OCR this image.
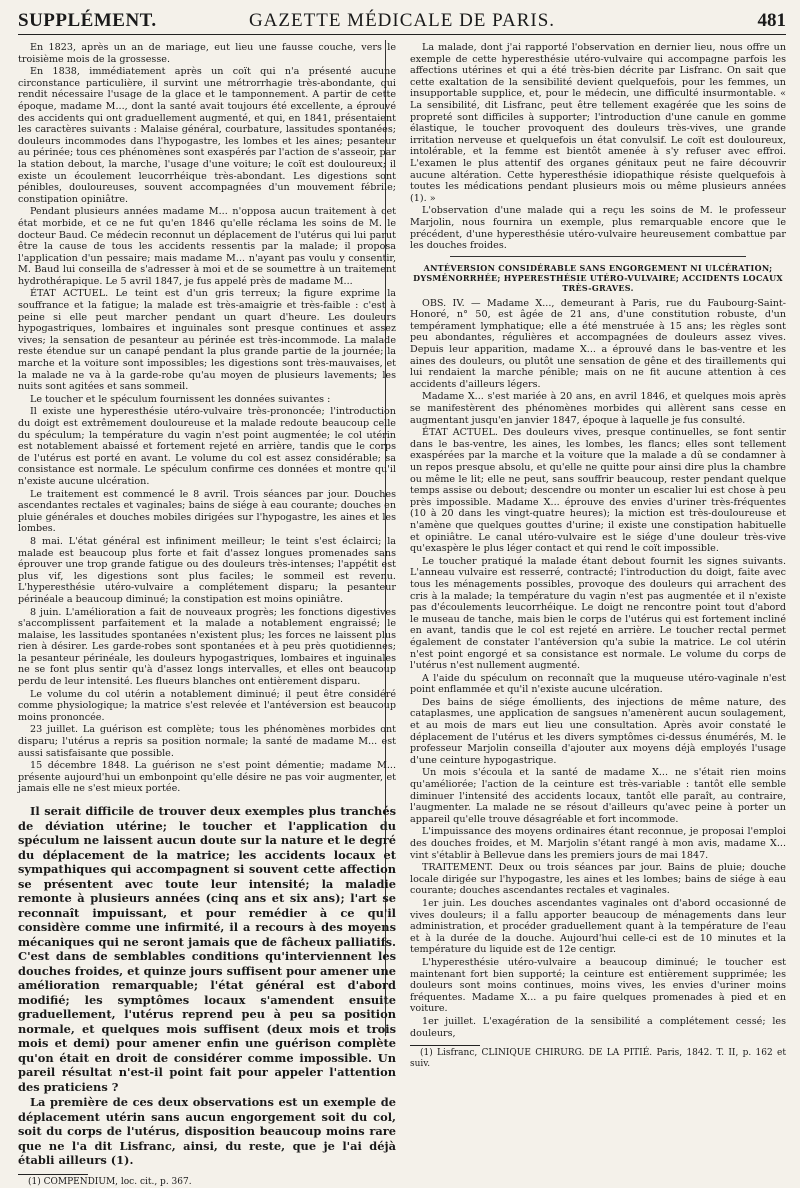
SUPPLÉMENT.	GAZETTE MÉDICALE DE PARIS.	481

En 1823, après un an de mariage, eut lieu une fausse couche, vers le troisième mois de la grossesse.

En 1838, immédiatement après un coït qui n'a présenté aucune circonstance particulière, il survint une métrorrhagie très-abondante, qui rendit nécessaire l'usage de la glace et le tamponnement. A partir de cette époque, madame M..., dont la santé avait toujours été excellente, a éprouvé des accidents qui ont graduellement augmenté, et qui, en 1841, présentaient les caractères suivants : Malaise général, courbature, lassitudes spontanées; douleurs incommodes dans l'hypogastre, les lombes et les aines; pesanteur au périnée; tous ces phénomènes sont exaspérés par l'action de s'asseoir, par la station debout, la marche, l'usage d'une voiture; le coït est douloureux; il existe un écoulement leucorrhéique très-abondant. Les digestions sont pénibles, douloureuses, souvent accompagnées d'un mouvement fébrile; constipation opiniâtre.

Pendant plusieurs années madame M... n'opposa aucun traitement à cet état morbide, et ce ne fut qu'en 1846 qu'elle réclama les soins de M. le docteur Baud. Ce médecin reconnut un déplacement de l'utérus qui lui parut être la cause de tous les accidents ressentis par la malade; il proposa l'application d'un pessaire; mais madame M... n'ayant pas voulu y consentir, M. Baud lui conseilla de s'adresser à moi et de se soumettre à un traitement hydrothérapique. Le 5 avril 1847, je fus appelé près de madame M...

ÉTAT ACTUEL. Le teint est d'un gris terreux; la figure exprime la souffrance et la fatigue; la malade est très-amaigrie et très-faible : c'est à peine si elle peut marcher pendant un quart d'heure. Les douleurs hypogastriques, lombaires et inguinales sont presque continues et assez vives; la sensation de pesanteur au périnée est très-incommode. La malade reste étendue sur un canapé pendant la plus grande partie de la journée; la marche et la voiture sont impossibles; les digestions sont très-mauvaises, et la malade ne va à la garde-robe qu'au moyen de plusieurs lavements; les nuits sont agitées et sans sommeil.

Le toucher et le spéculum fournissent les données suivantes :

Il existe une hyperesthésie utéro-vulvaire très-prononcée; l'introduction du doigt est extrêmement douloureuse et la malade redoute beaucoup celle du spéculum; la température du vagin n'est point augmentée; le col utérin est notablement abaissé et fortement rejeté en arrière, tandis que le corps de l'utérus est porté en avant. Le volume du col est assez considérable; sa consistance est normale. Le spéculum confirme ces données et montre qu'il n'existe aucune ulcération.

Le traitement est commencé le 8 avril. Trois séances par jour. Douches ascendantes rectales et vaginales; bains de siége à eau courante; douches en pluie générales et douches mobiles dirigées sur l'hypogastre, les aines et les lombes.

8 mai. L'état général est infiniment meilleur; le teint s'est éclairci; la malade est beaucoup plus forte et fait d'assez longues promenades sans éprouver une trop grande fatigue ou des douleurs très-intenses; l'appétit est plus vif, les digestions sont plus faciles; le sommeil est revenu. L'hyperesthésie utéro-vulvaire a complétement disparu; la pesanteur périnéale a beaucoup diminué; la constipation est moins opiniâtre.

8 juin. L'amélioration a fait de nouveaux progrès; les fonctions digestives s'accomplissent parfaitement et la malade a notablement engraissé; le malaise, les lassitudes spontanées n'existent plus; les forces ne laissent plus rien à désirer. Les garde-robes sont spontanées et à peu près quotidiennes; la pesanteur périnéale, les douleurs hypogastriques, lombaires et inguinales ne se font plus sentir qu'à d'assez longs intervalles, et elles ont beaucoup perdu de leur intensité. Les flueurs blanches ont entièrement disparu.

Le volume du col utérin a notablement diminué; il peut être considéré comme physiologique; la matrice s'est relevée et l'antéversion est beaucoup moins prononcée.

23 juillet. La guérison est complète; tous les phénomènes morbides ont disparu; l'utérus a repris sa position normale; la santé de madame M... est aussi satisfaisante que possible.

15 décembre 1848. La guérison ne s'est point démentie; madame M... présente aujourd'hui un embonpoint qu'elle désire ne pas voir augmenter, et jamais elle ne s'est mieux portée.

Il serait difficile de trouver deux exemples plus tranchés de déviation utérine; le toucher et l'application du spéculum ne laissent aucun doute sur la nature et le degré du déplacement de la matrice; les accidents locaux et sympathiques qui accompagnent si souvent cette affection se présentent avec toute leur intensité; la maladie remonte à plusieurs années (cinq ans et six ans); l'art se reconnaît impuissant, et pour remédier à ce qu'il considère comme une infirmité, il a recours à des moyens mécaniques qui ne seront jamais que de fâcheux palliatifs. C'est dans de semblables conditions qu'interviennent les douches froides, et quinze jours suffisent pour amener une amélioration remarquable; l'état général est d'abord modifié; les symptômes locaux s'amendent ensuite graduellement, l'utérus reprend peu à peu sa position normale, et quelques mois suffisent (deux mois et trois mois et demi) pour amener enfin une guérison complète qu'on était en droit de considérer comme impossible. Un pareil résultat n'est-il point fait pour appeler l'attention des praticiens ?

La première de ces deux observations est un exemple de déplacement utérin sans aucun engorgement soit du col, soit du corps de l'utérus, disposition beaucoup moins rare que ne l'a dit Lisfranc, ainsi, du reste, que je l'ai déjà établi ailleurs (1).

(1) COMPENDIUM, loc. cit., p. 367.

La malade, dont j'ai rapporté l'observation en dernier lieu, nous offre un exemple de cette hyperesthésie utéro-vulvaire qui accompagne parfois les affections utérines et qui a été très-bien décrite par Lisfranc. On sait que cette exaltation de la sensibilité devient quelquefois, pour les femmes, un insupportable supplice, et, pour le médecin, une difficulté insurmontable. « La sensibilité, dit Lisfranc, peut être tellement exagérée que les soins de propreté sont difficiles à supporter; l'introduction d'une canule en gomme élastique, le toucher provoquent des douleurs très-vives, une grande irritation nerveuse et quelquefois un état convulsif. Le coït est douloureux, intolérable, et la femme est bientôt amenée à s'y refuser avec effroi. L'examen le plus attentif des organes génitaux peut ne faire découvrir aucune altération. Cette hyperesthésie idiopathique résiste quelquefois à toutes les médications pendant plusieurs mois ou même plusieurs années (1). »

L'observation d'une malade qui a reçu les soins de M. le professeur Marjolin, nous fournira un exemple, plus remarquable encore que le précédent, d'une hyperesthésie utéro-vulvaire heureusement combattue par les douches froides.

ANTÉVERSION CONSIDÉRABLE SANS ENGORGEMENT NI ULCÉRATION; DYSMÉNORRHÉE; HYPERESTHÉSIE UTÉRO-VULVAIRE; ACCIDENTS LOCAUX TRÈS-GRAVES.

OBS. IV. — Madame X..., demeurant à Paris, rue du Faubourg-Saint-Honoré, n° 50, est âgée de 21 ans, d'une constitution robuste, d'un tempérament lymphatique; elle a été menstruée à 15 ans; les règles sont peu abondantes, régulières et accompagnées de douleurs assez vives. Depuis leur apparition, madame X... a éprouvé dans le bas-ventre et les aines des douleurs, ou plutôt une sensation de gêne et des tiraillements qui lui rendaient la marche pénible; mais on ne fit aucune attention à ces accidents d'ailleurs légers.

Madame X... s'est mariée à 20 ans, en avril 1846, et quelques mois après se manifestèrent des phénomènes morbides qui allèrent sans cesse en augmentant jusqu'en janvier 1847, époque à laquelle je fus consulté.

ÉTAT ACTUEL. Des douleurs vives, presque continuelles, se font sentir dans le bas-ventre, les aines, les lombes, les flancs; elles sont tellement exaspérées par la marche et la voiture que la malade a dû se condamner à un repos presque absolu, et qu'elle ne quitte pour ainsi dire plus la chambre ou même le lit; elle ne peut, sans souffrir beaucoup, rester pendant quelque temps assise ou debout; descendre ou monter un escalier lui est chose à peu près impossible. Madame X... éprouve des envies d'uriner très-fréquentes (10 à 20 dans les vingt-quatre heures); la miction est très-douloureuse et n'amène que quelques gouttes d'urine; il existe une constipation habituelle et opiniâtre. Le canal utéro-vulvaire est le siége d'une douleur très-vive qu'exaspère le plus léger contact et qui rend le coït impossible.

Le toucher pratiqué la malade étant debout fournit les signes suivants. L'anneau vulvaire est resserré, contracté; l'introduction du doigt, faite avec tous les ménagements possibles, provoque des douleurs qui arrachent des cris à la malade; la température du vagin n'est pas augmentée et il n'existe pas d'écoulements leucorrhéique. Le doigt ne rencontre point tout d'abord le museau de tanche, mais bien le corps de l'utérus qui est fortement incliné en avant, tandis que le col est rejeté en arrière. Le toucher rectal permet également de constater l'antéversion qu'a subie la matrice. Le col utérin n'est point engorgé et sa consistance est normale. Le volume du corps de l'utérus n'est nullement augmenté.

A l'aide du spéculum on reconnaît que la muqueuse utéro-vaginale n'est point enflammée et qu'il n'existe aucune ulcération.

Des bains de siége émollients, des injections de même nature, des cataplasmes, une application de sangsues n'amenèrent aucun soulagement, et au mois de mars eut lieu une consultation. Après avoir constaté le déplacement de l'utérus et les divers symptômes ci-dessus énumérés, M. le professeur Marjolin conseilla d'ajouter aux moyens déjà employés l'usage d'une ceinture hypogastrique.

Un mois s'écoula et la santé de madame X... ne s'était rien moins qu'améliorée; l'action de la ceinture est très-variable : tantôt elle semble diminuer l'intensité des accidents locaux, tantôt elle paraît, au contraire, l'augmenter. La malade ne se résout d'ailleurs qu'avec peine à porter un appareil qu'elle trouve désagréable et fort incommode.

L'impuissance des moyens ordinaires étant reconnue, je proposai l'emploi des douches froides, et M. Marjolin s'étant rangé à mon avis, madame X... vint s'établir à Bellevue dans les premiers jours de mai 1847.

TRAITEMENT. Deux ou trois séances par jour. Bains de pluie; douche locale dirigée sur l'hypogastre, les aines et les lombes; bains de siége à eau courante; douches ascendantes rectales et vaginales.

1er juin. Les douches ascendantes vaginales ont d'abord occasionné de vives douleurs; il a fallu apporter beaucoup de ménagements dans leur administration, et procéder graduellement quant à la température de l'eau et à la durée de la douche. Aujourd'hui celle-ci est de 10 minutes et la température du liquide est de 12e centigr.

L'hyperesthésie utéro-vulvaire a beaucoup diminué; le toucher est maintenant fort bien supporté; la ceinture est entièrement supprimée; les douleurs sont moins continues, moins vives, les envies d'uriner moins fréquentes. Madame X... a pu faire quelques promenades à pied et en voiture.

1er juillet. L'exagération de la sensibilité a complétement cessé; les douleurs,

(1) Lisfranc, CLINIQUE CHIRURG. DE LA PITIÉ. Paris, 1842. T. II, p. 162 et suiv.
